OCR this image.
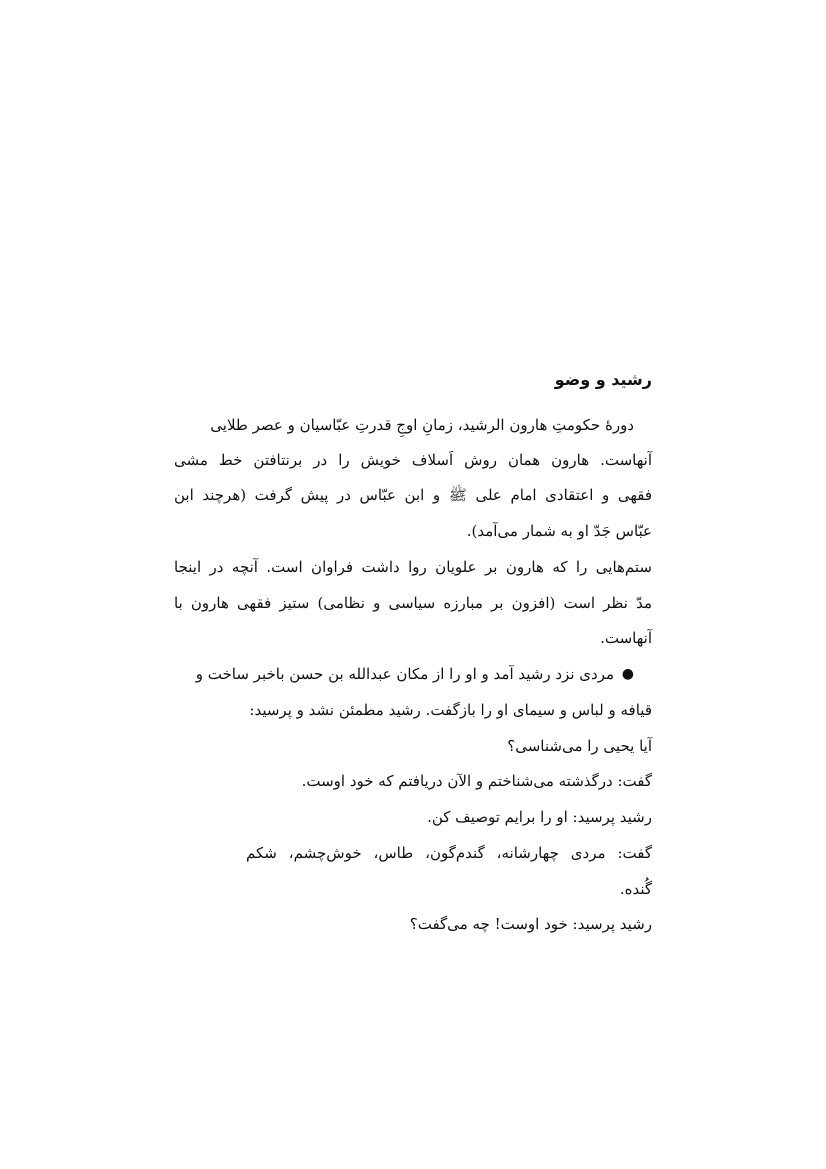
رشید و وضو
دورهٔ حکومتِ هارون الرشید، زمانِ اوجِ قدرتِ عبّاسیان و عصر طلایی
آنهاست. هارون همان روش اَسلاف خویش را در برنتافتن خط مشی
فقهی و اعتقادی امام علی ﷺ و ابن عبّاس در پیش گرفت (هرچند ابن
عبّاس جَدّ او به شمار می‌آمد).
ستم‌هایی را که هارون بر علویان روا داشت فراوان است. آنچه در اینجا
مدّ نظر است (افزون بر مبارزه سیاسی و نظامی) ستیز فقهی هارون با
آنهاست.
●
مردی نزد رشید آمد و او را از مکان عبدالله بن حسن باخبر ساخت و
قیافه و لباس و سیمای او را بازگفت. رشید مطمئن نشد و پرسید:
آیا یحیی را می‌شناسی؟
گفت: درگذشته می‌شناختم و الآن دریافتم که خود اوست.
رشید پرسید: او را برایم توصیف کن.
گفت: مردی چهارشانه، گندم‌گون، طاس، خوش‌چشم، شکم
گُنده.
رشید پرسید: خود اوست! چه می‌گفت؟
